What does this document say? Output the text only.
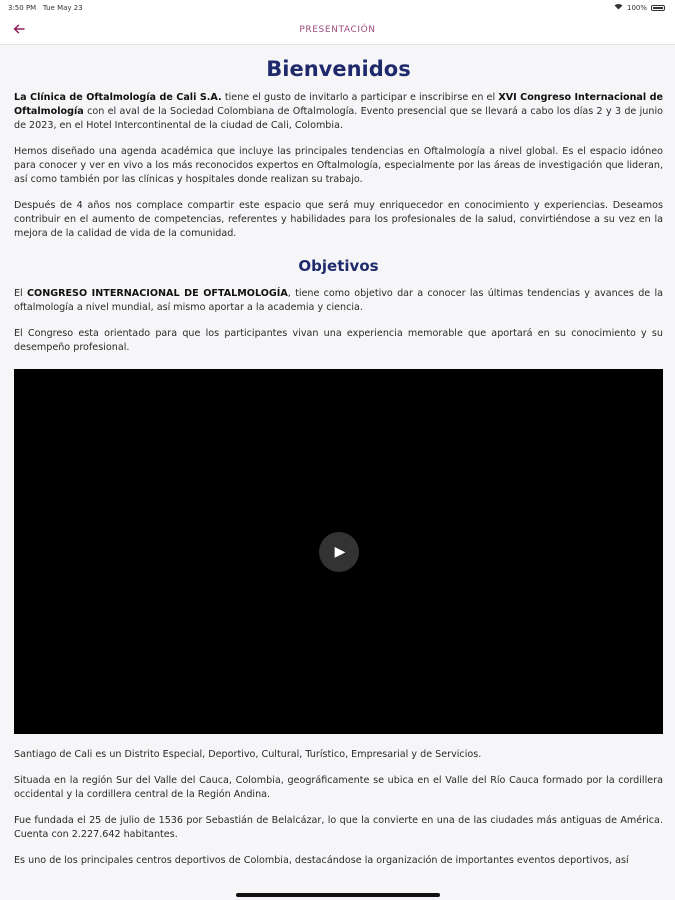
3:50 PM Tue May 23	100%
PRESENTACIÓN
Bienvenidos

La Clínica de Oftalmología de Cali S.A. tiene el gusto de invitarlo a participar e inscribirse en el XVI Congreso Internacional de Oftalmología con el aval de la Sociedad Colombiana de Oftalmología. Evento presencial que se llevará a cabo los días 2 y 3 de junio de 2023, en el Hotel Intercontinental de la ciudad de Cali, Colombia.

Hemos diseñado una agenda académica que incluye las principales tendencias en Oftalmología a nivel global. Es el espacio idóneo para conocer y ver en vivo a los más reconocidos expertos en Oftalmología, especialmente por las áreas de investigación que lideran, así como también por las clínicas y hospitales donde realizan su trabajo.

Después de 4 años nos complace compartir este espacio que será muy enriquecedor en conocimiento y experiencias. Deseamos contribuir en el aumento de competencias, referentes y habilidades para los profesionales de la salud, convirtiéndose a su vez en la mejora de la calidad de vida de la comunidad.

Objetivos

El CONGRESO INTERNACIONAL DE OFTALMOLOGÍA, tiene como objetivo dar a conocer las últimas tendencias y avances de la oftalmología a nivel mundial, así mismo aportar a la academia y ciencia.

El Congreso esta orientado para que los participantes vivan una experiencia memorable que aportará en su conocimiento y su desempeño profesional.

▶

Santiago de Cali es un Distrito Especial, Deportivo, Cultural, Turístico, Empresarial y de Servicios.

Situada en la región Sur del Valle del Cauca, Colombia, geográficamente se ubica en el Valle del Río Cauca formado por la cordillera occidental y la cordillera central de la Región Andina.

Fue fundada el 25 de julio de 1536 por Sebastián de Belalcázar, lo que la convierte en una de las ciudades más antiguas de América. Cuenta con 2.227.642 habitantes.

Es uno de los principales centros deportivos de Colombia, destacándose la organización de importantes eventos deportivos, así
